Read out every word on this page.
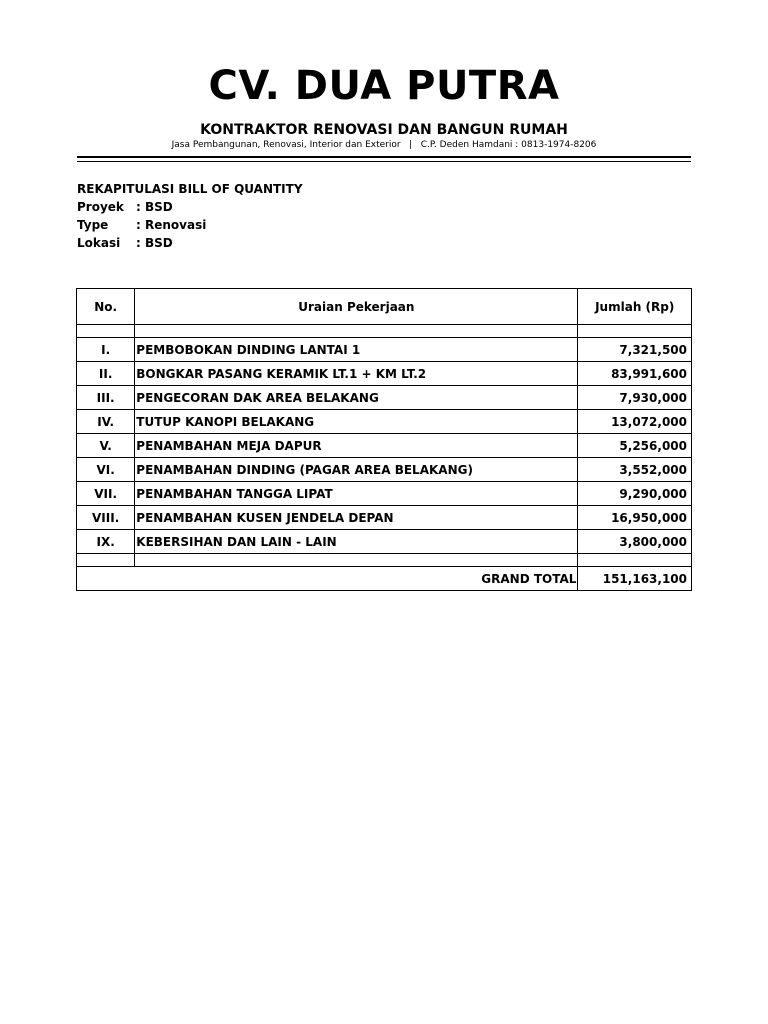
CV. DUA PUTRA
KONTRAKTOR RENOVASI DAN BANGUN RUMAH
Jasa Pembangunan, Renovasi, Interior dan Exterior   |   C.P. Deden Hamdani : 0813-1974-8206
REKAPITULASI BILL OF QUANTITY
Proyek	: BSD
Type	: Renovasi
Lokasi	: BSD
No.	Uraian Pekerjaan	Jumlah (Rp)

I.	PEMBOBOKAN DINDING LANTAI 1	7,321,500
II.	BONGKAR PASANG KERAMIK LT.1 + KM LT.2	83,991,600
III.	PENGECORAN DAK AREA BELAKANG	7,930,000
IV.	TUTUP KANOPI BELAKANG	13,072,000
V.	PENAMBAHAN MEJA DAPUR	5,256,000
VI.	PENAMBAHAN DINDING (PAGAR AREA BELAKANG)	3,552,000
VII.	PENAMBAHAN TANGGA LIPAT	9,290,000
VIII.	PENAMBAHAN KUSEN JENDELA DEPAN	16,950,000
IX.	KEBERSIHAN DAN LAIN - LAIN	3,800,000

GRAND TOTAL		151,163,100
